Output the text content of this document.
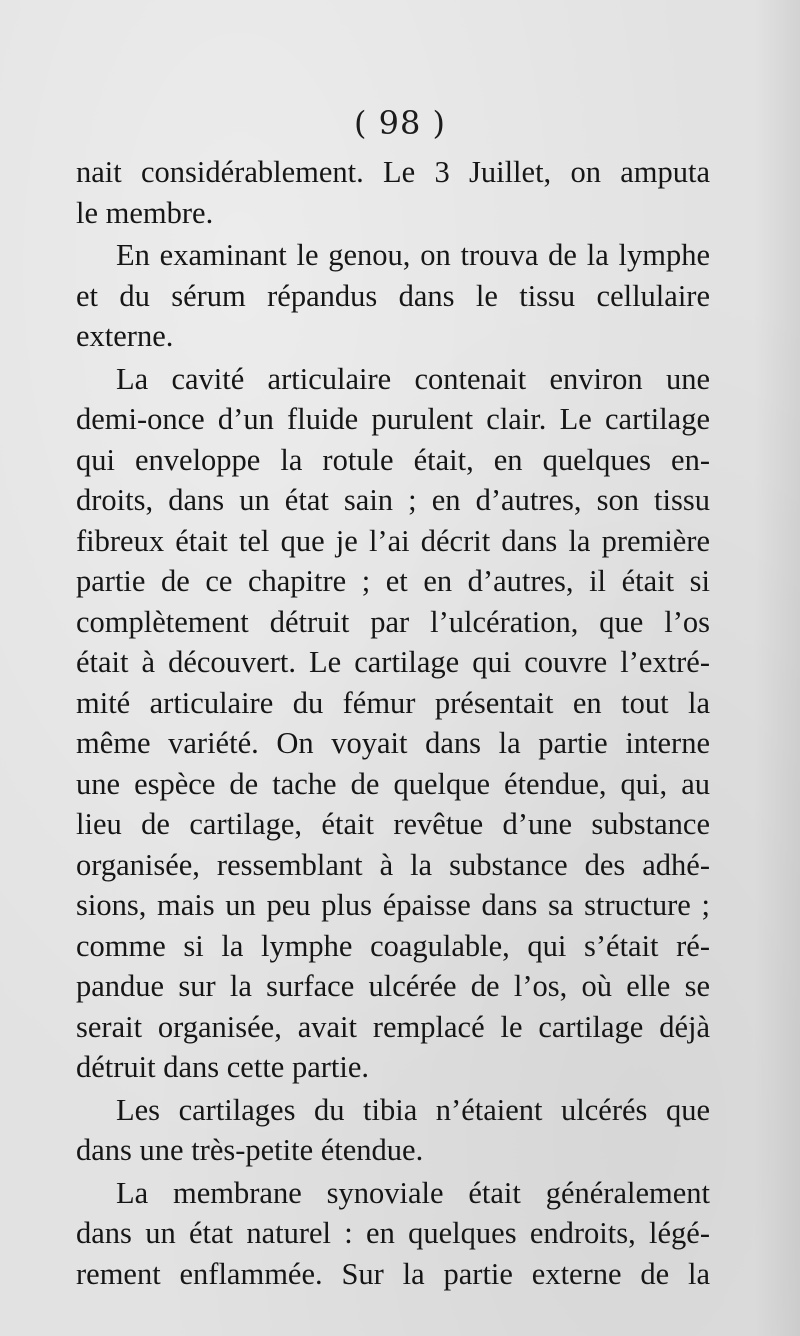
( 98 )
nait considérablement. Le 3 Juillet, on amputa
le membre.
En examinant le genou, on trouva de la lymphe
et du sérum répandus dans le tissu cellulaire
externe.
La cavité articulaire contenait environ une
demi-once d’un fluide purulent clair. Le cartilage
qui enveloppe la rotule était, en quelques en-
droits, dans un état sain ; en d’autres, son tissu
fibreux était tel que je l’ai décrit dans la première
partie de ce chapitre ; et en d’autres, il était si
complètement détruit par l’ulcération, que l’os
était à découvert. Le cartilage qui couvre l’extré-
mité articulaire du fémur présentait en tout la
même variété. On voyait dans la partie interne
une espèce de tache de quelque étendue, qui, au
lieu de cartilage, était revêtue d’une substance
organisée, ressemblant à la substance des adhé-
sions, mais un peu plus épaisse dans sa structure ;
comme si la lymphe coagulable, qui s’était ré-
pandue sur la surface ulcérée de l’os, où elle se
serait organisée, avait remplacé le cartilage déjà
détruit dans cette partie.
Les cartilages du tibia n’étaient ulcérés que
dans une très-petite étendue.
La membrane synoviale était généralement
dans un état naturel : en quelques endroits, légé-
rement enflammée. Sur la partie externe de la
